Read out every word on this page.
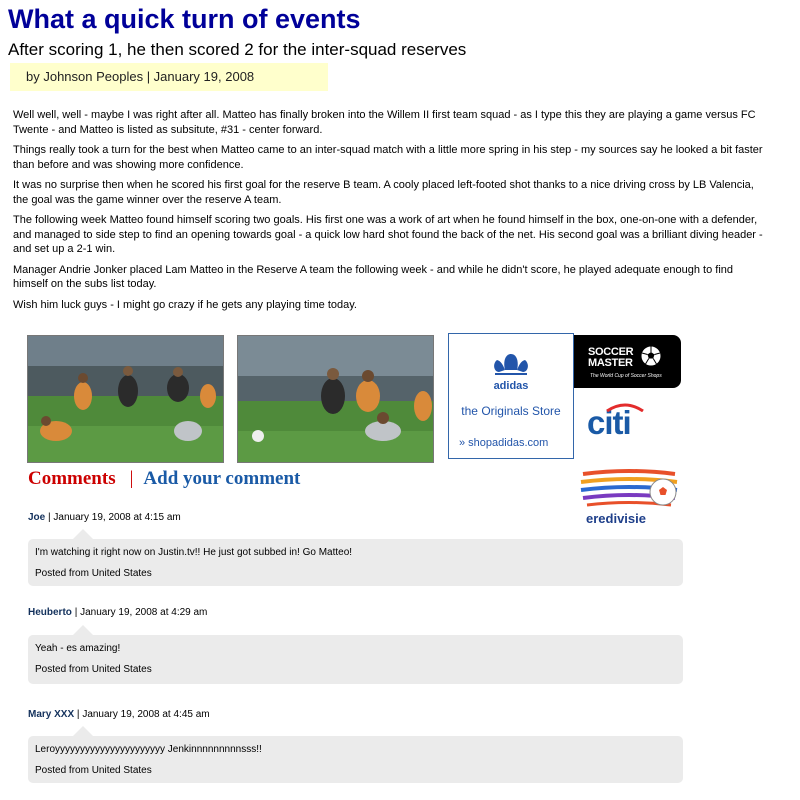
What a quick turn of events
After scoring 1, he then scored 2 for the inter-squad reserves
by Johnson Peoples | January 19, 2008

Well well, well - maybe I was right after all. Matteo has finally broken into the Willem II first team squad - as I type this they are playing a game versus FC Twente - and Matteo is listed as subsitute, #31 - center forward.

Things really took a turn for the best when Matteo came to an inter-squad match with a little more spring in his step - my sources say he looked a bit faster than before and was showing more confidence.

It was no surprise then when he scored his first goal for the reserve B team. A cooly placed left-footed shot thanks to a nice driving cross by LB Valencia, the goal was the game winner over the reserve A team.

The following week Matteo found himself scoring two goals. His first one was a work of art when he found himself in the box, one-on-one with a defender, and managed to side step to find an opening towards goal - a quick low hard shot found the back of the net. His second goal was a brilliant diving header - and set up a 2-1 win.

Manager Andrie Jonker placed Lam Matteo in the Reserve A team the following week - and while he didn't score, he played adequate enough to find himself on the subs list today.

Wish him luck guys - I might go crazy if he gets any playing time today.

adidas
the Originals Store
» shopadidas.com
SOCCER
MASTER
The World Cup of Soccer Shops
citi
eredivisie
Comments | Add your comment
Joe | January 19, 2008 at 4:15 am
I'm watching it right now on Justin.tv!! He just got subbed in! Go Matteo!
Posted from United States
Heuberto | January 19, 2008 at 4:29 am
Yeah - es amazing!
Posted from United States
Mary XXX | January 19, 2008 at 4:45 am
Leroyyyyyyyyyyyyyyyyyyyyyy Jenkinnnnnnnnnsss!!
Posted from United States
